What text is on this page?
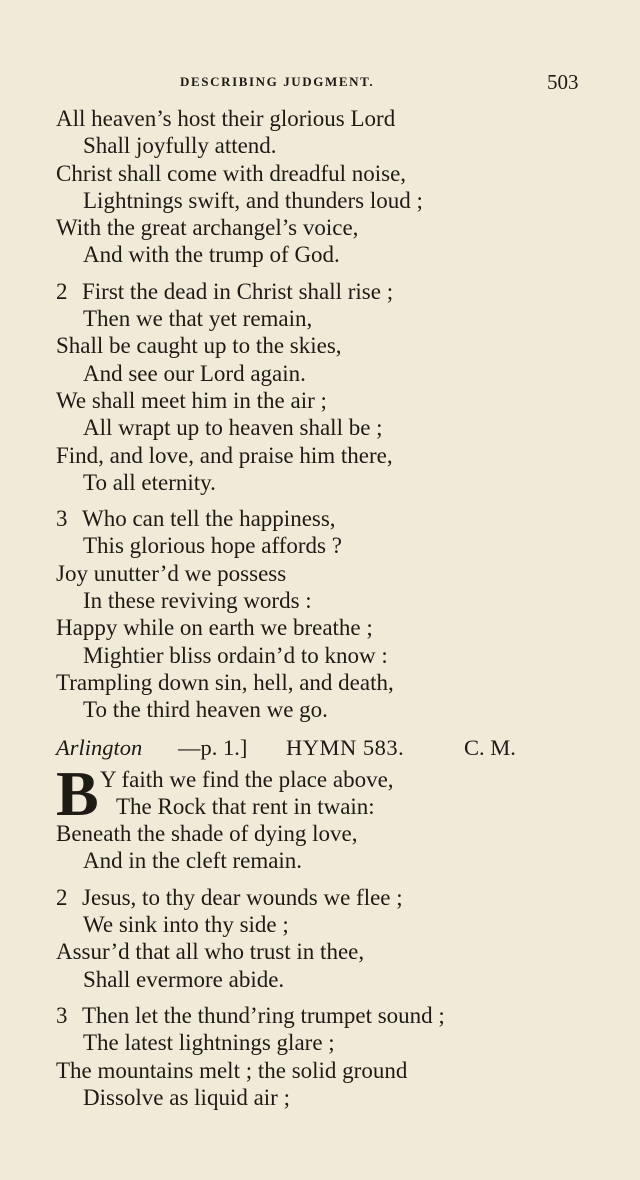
DESCRIBING JUDGMENT.	503
All heaven’s host their glorious Lord
Shall joyfully attend.
Christ shall come with dreadful noise,
Lightnings swift, and thunders loud ;
With the great archangel’s voice,
And with the trump of God.
2 First the dead in Christ shall rise ;
Then we that yet remain,
Shall be caught up to the skies,
And see our Lord again.
We shall meet him in the air ;
All wrapt up to heaven shall be ;
Find, and love, and praise him there,
To all eternity.
3 Who can tell the happiness,
This glorious hope affords ?
Joy unutter’d we possess
In these reviving words :
Happy while on earth we breathe ;
Mightier bliss ordain’d to know :
Trampling down sin, hell, and death,
To the third heaven we go.
Arlington —p. 1.] HYMN 583.	C. M.
B Y faith we find the place above,
The Rock that rent in twain:
Beneath the shade of dying love,
And in the cleft remain.
2 Jesus, to thy dear wounds we flee ;
We sink into thy side ;
Assur’d that all who trust in thee,
Shall evermore abide.
3 Then let the thund’ring trumpet sound ;
The latest lightnings glare ;
The mountains melt ; the solid ground
Dissolve as liquid air ;
